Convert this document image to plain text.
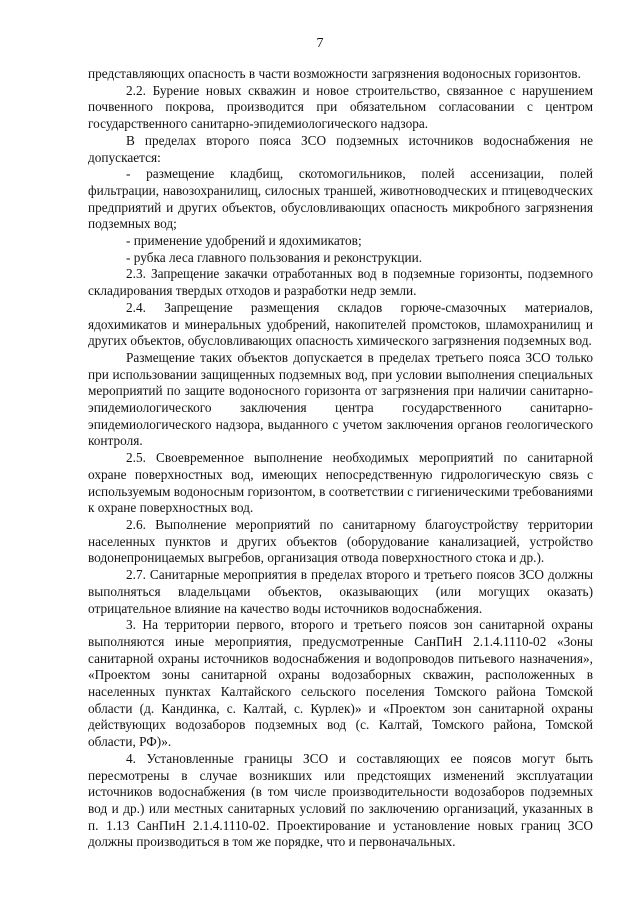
7

представляющих опасность в части возможности загрязнения водоносных горизонтов.

2.2. Бурение новых скважин и новое строительство, связанное с нарушением почвенного покрова, производится при обязательном согласовании с центром государственного санитарно-эпидемиологического надзора.

В пределах второго пояса ЗСО подземных источников водоснабжения не допускается:

- размещение кладбищ, скотомогильников, полей ассенизации, полей фильтрации, навозохранилищ, силосных траншей, животноводческих и птицеводческих предприятий и других объектов, обусловливающих опасность микробного загрязнения подземных вод;

- применение удобрений и ядохимикатов;

- рубка леса главного пользования и реконструкции.

2.3. Запрещение закачки отработанных вод в подземные горизонты, подземного складирования твердых отходов и разработки недр земли.

2.4. Запрещение размещения складов горюче-смазочных материалов, ядохимикатов и минеральных удобрений, накопителей промстоков, шламохранилищ и других объектов, обусловливающих опасность химического загрязнения подземных вод.

Размещение таких объектов допускается в пределах третьего пояса ЗСО только при использовании защищенных подземных вод, при условии выполнения специальных мероприятий по защите водоносного горизонта от загрязнения при наличии санитарно-эпидемиологического заключения центра государственного санитарно-эпидемиологического надзора, выданного с учетом заключения органов геологического контроля.

2.5. Своевременное выполнение необходимых мероприятий по санитарной охране поверхностных вод, имеющих непосредственную гидрологическую связь с используемым водоносным горизонтом, в соответствии с гигиеническими требованиями к охране поверхностных вод.

2.6. Выполнение мероприятий по санитарному благоустройству территории населенных пунктов и других объектов (оборудование канализацией, устройство водонепроницаемых выгребов, организация отвода поверхностного стока и др.).

2.7. Санитарные мероприятия в пределах второго и третьего поясов ЗСО должны выполняться владельцами объектов, оказывающих (или могущих оказать) отрицательное влияние на качество воды источников водоснабжения.

3. На территории первого, второго и третьего поясов зон санитарной охраны выполняются иные мероприятия, предусмотренные СанПиН 2.1.4.1110-02 «Зоны санитарной охраны источников водоснабжения и водопроводов питьевого назначения», «Проектом зоны санитарной охраны водозаборных скважин, расположенных в населенных пунктах Калтайского сельского поселения Томского района Томской области (д. Кандинка, с. Калтай, с. Курлек)» и «Проектом зон санитарной охраны действующих водозаборов подземных вод (с. Калтай, Томского района, Томской области, РФ)».

4. Установленные границы ЗСО и составляющих ее поясов могут быть пересмотрены в случае возникших или предстоящих изменений эксплуатации источников водоснабжения (в том числе производительности водозаборов подземных вод и др.) или местных санитарных условий по заключению организаций, указанных в п. 1.13 СанПиН 2.1.4.1110-02. Проектирование и установление новых границ ЗСО должны производиться в том же порядке, что и первоначальных.
